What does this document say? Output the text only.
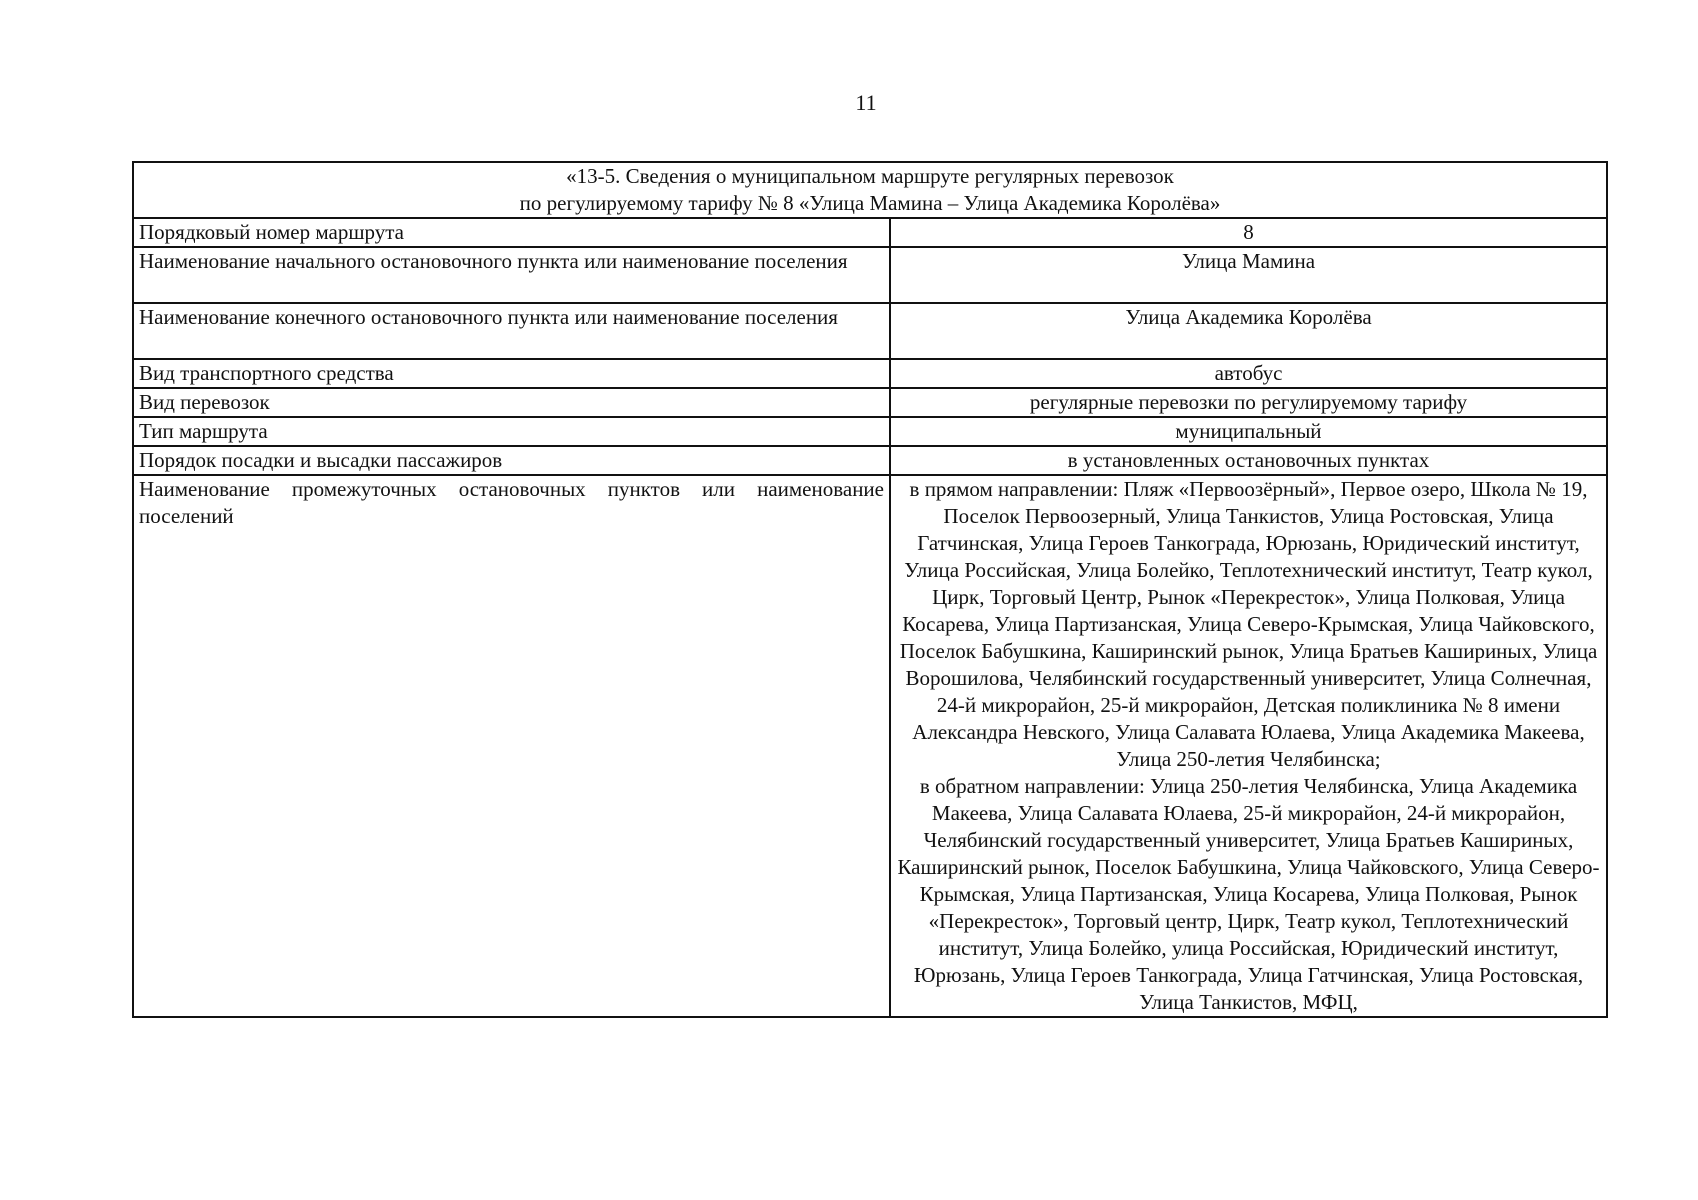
11
«13-5. Сведения о муниципальном маршруте регулярных перевозок
по регулируемому тарифу № 8 «Улица Мамина – Улица Академика Королёва»	

Порядковый номер маршрута	8
Наименование начального остановочного пункта или наименование поселения	Улица Мамина
Наименование конечного остановочного пункта или наименование поселения	Улица Академика Королёва
Вид транспортного средства	автобус
Вид перевозок	регулярные перевозки по регулируемому тарифу
Тип маршрута	муниципальный
Порядок посадки и высадки пассажиров	в установленных остановочных пунктах
Наименование промежуточных остановочных пунктов или наименование поселений	в прямом направлении: Пляж «Первоозёрный», Первое озеро, Школа № 19, Поселок Первоозерный, Улица Танкистов, Улица Ростовская, Улица Гатчинская, Улица Героев Танкограда, Юрюзань, Юридический институт, Улица Российская, Улица Болейко, Теплотехнический институт, Театр кукол, Цирк, Торговый Центр, Рынок «Перекресток», Улица Полковая, Улица Косарева, Улица Партизанская, Улица Северо-Крымская, Улица Чайковского, Поселок Бабушкина, Каширинский рынок, Улица Братьев Кашириных, Улица Ворошилова, Челябинский государственный университет, Улица Солнечная, 24-й микрорайон, 25-й микрорайон, Детская поликлиника № 8 имени Александра Невского, Улица Салавата Юлаева, Улица Академика Макеева, Улица 250-летия Челябинска;
в обратном направлении: Улица 250-летия Челябинска, Улица Академика Макеева, Улица Салавата Юлаева, 25-й микрорайон, 24-й микрорайон, Челябинский государственный университет, Улица Братьев Кашириных, Каширинский рынок, Поселок Бабушкина, Улица Чайковского, Улица Северо-Крымская, Улица Партизанская, Улица Косарева, Улица Полковая, Рынок «Перекресток», Торговый центр, Цирк, Театр кукол, Теплотехнический институт, Улица Болейко, улица Российская, Юридический институт, Юрюзань, Улица Героев Танкограда, Улица Гатчинская, Улица Ростовская, Улица Танкистов, МФЦ,
